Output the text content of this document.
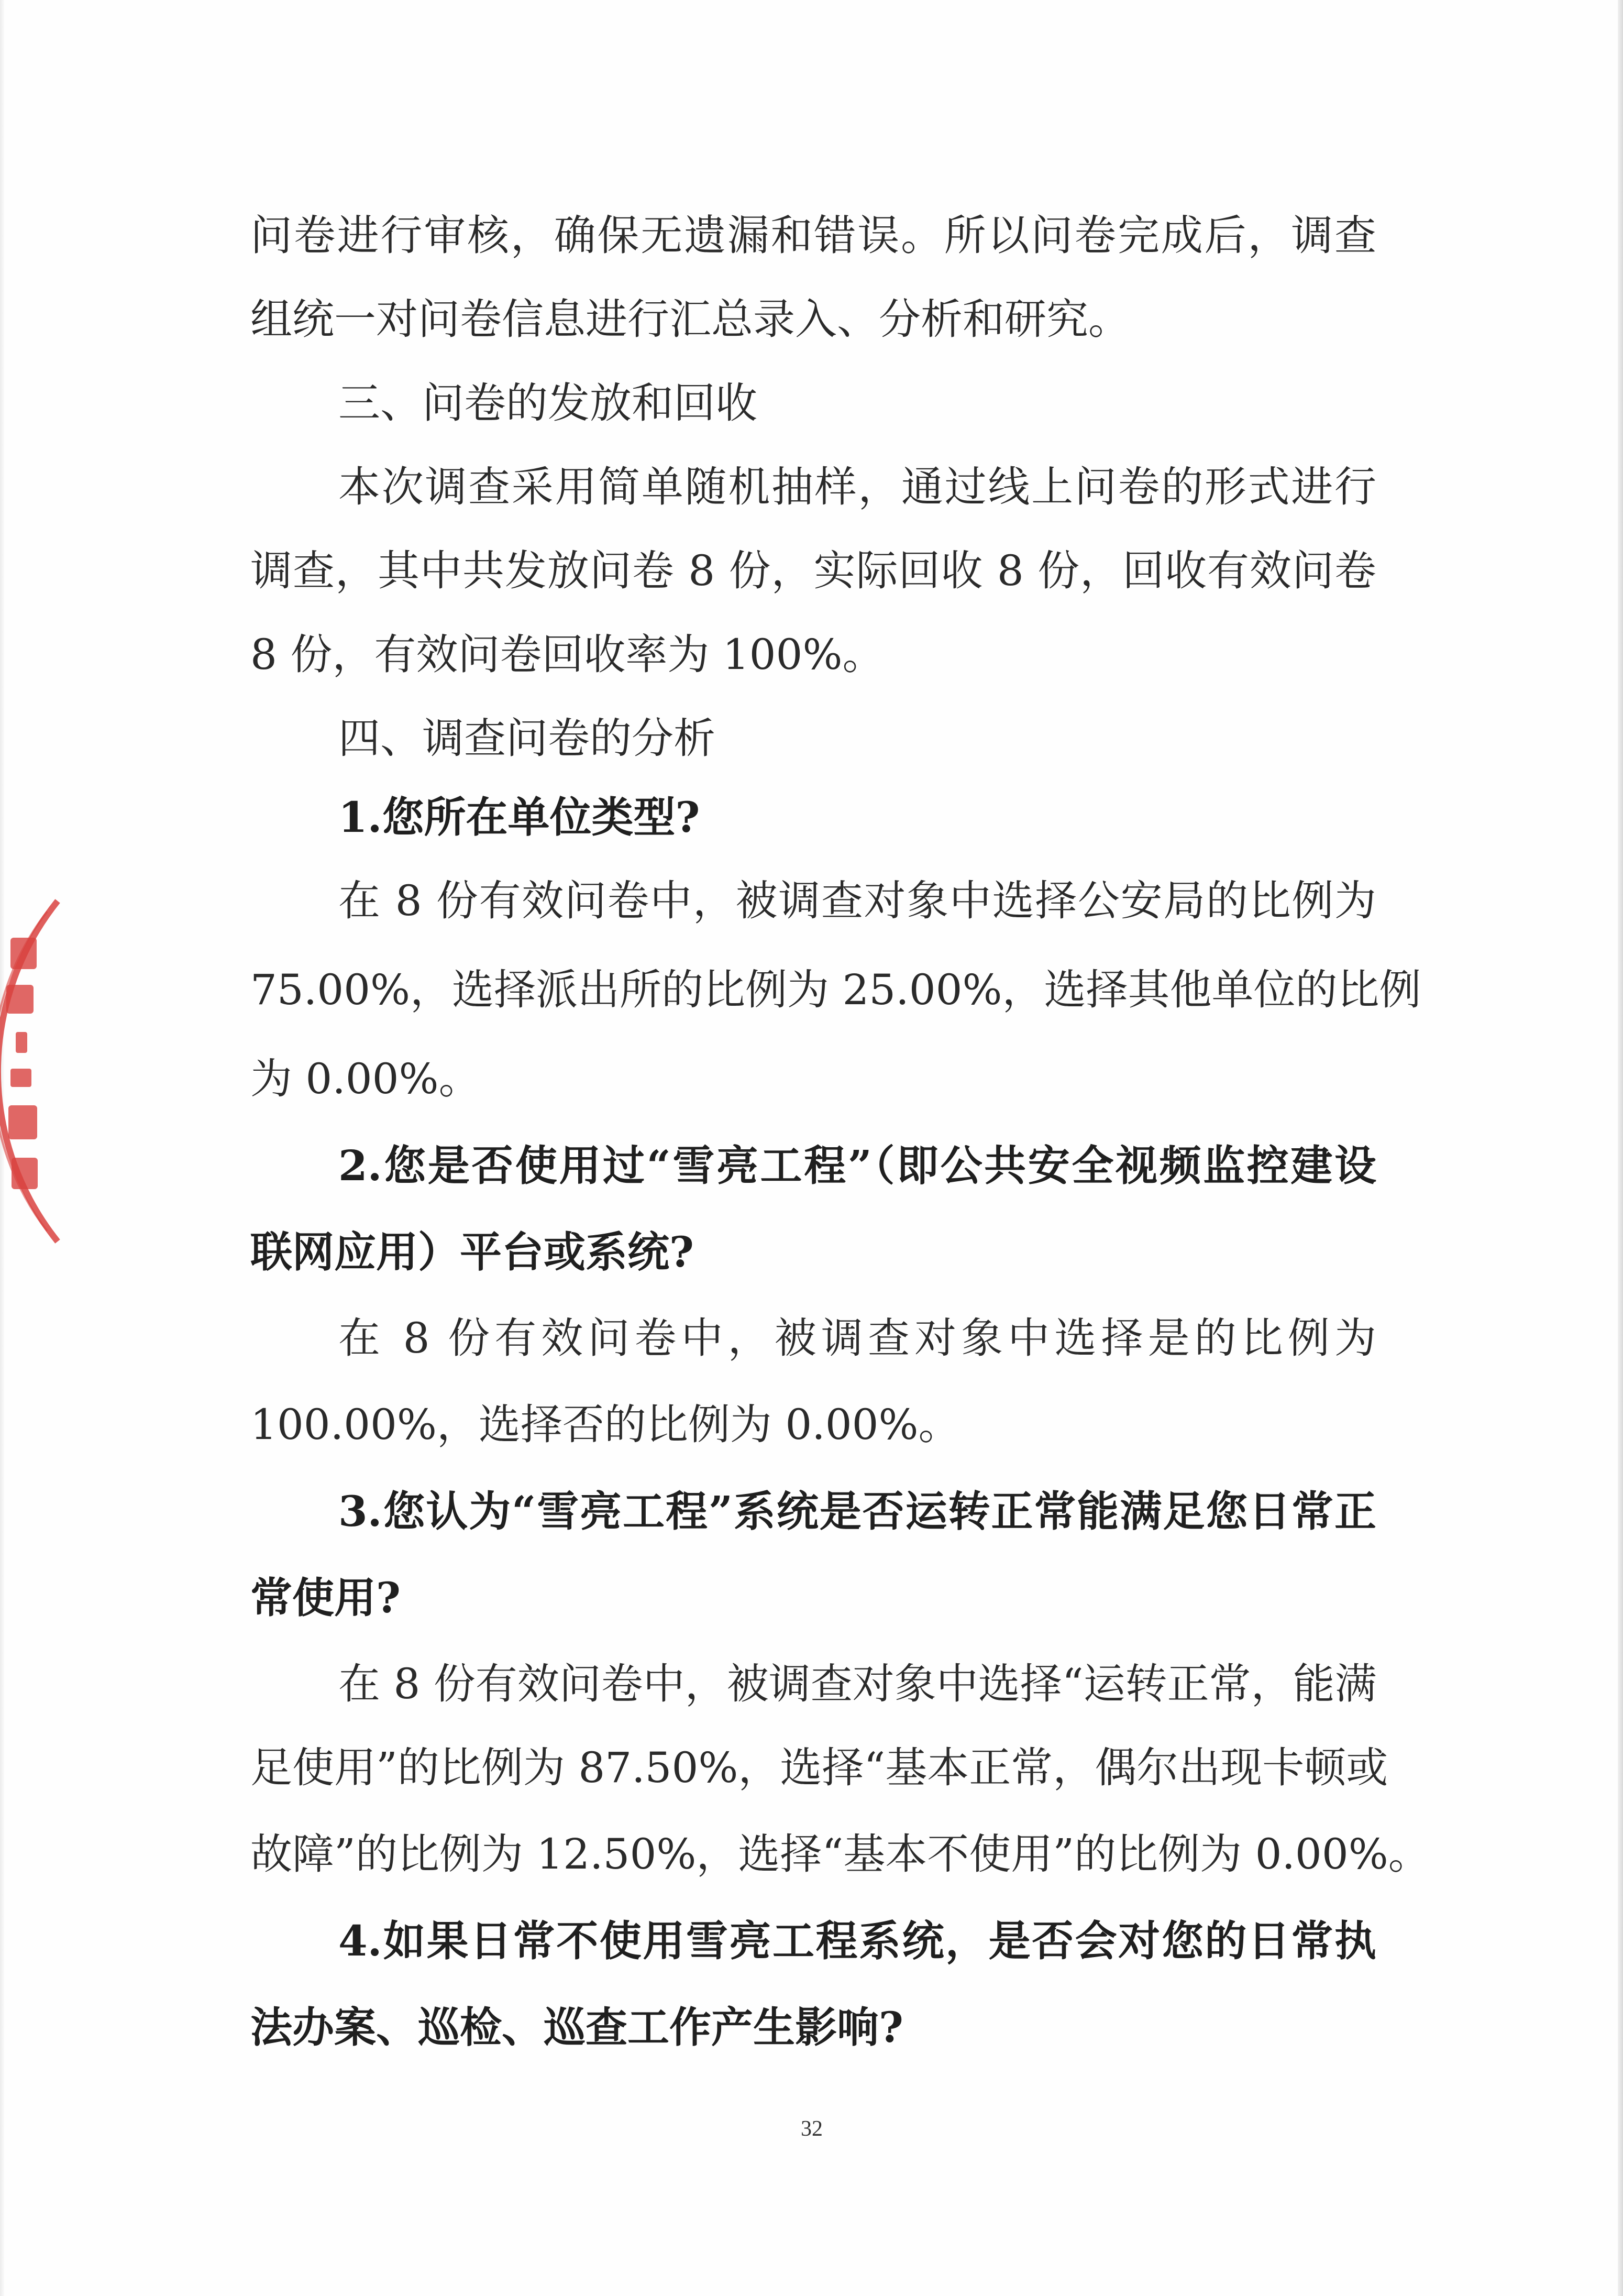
问卷进行审核，确保无遗漏和错误。所以问卷完成后，调查
组统一对问卷信息进行汇总录入、分析和研究。
三、问卷的发放和回收
本次调查采用简单随机抽样，通过线上问卷的形式进行
调查，其中共发放问卷 8 份，实际回收 8 份，回收有效问卷
8 份，有效问卷回收率为 100%。
四、调查问卷的分析
1.您所在单位类型?
在 8 份有效问卷中，被调查对象中选择公安局的比例为
75.00%，选择派出所的比例为 25.00%，选择其他单位的比例
为 0.00%。
2.您是否使用过“雪亮工程”（即公共安全视频监控建设
联网应用）平台或系统?
在 8 份有效问卷中，被调查对象中选择是的比例为
100.00%，选择否的比例为 0.00%。
3.您认为“雪亮工程”系统是否运转正常能满足您日常正
常使用?
在 8 份有效问卷中，被调查对象中选择“运转正常，能满
足使用”的比例为 87.50%，选择“基本正常，偶尔出现卡顿或
故障”的比例为 12.50%，选择“基本不使用”的比例为 0.00%。
4.如果日常不使用雪亮工程系统，是否会对您的日常执
法办案、巡检、巡查工作产生影响?
32
